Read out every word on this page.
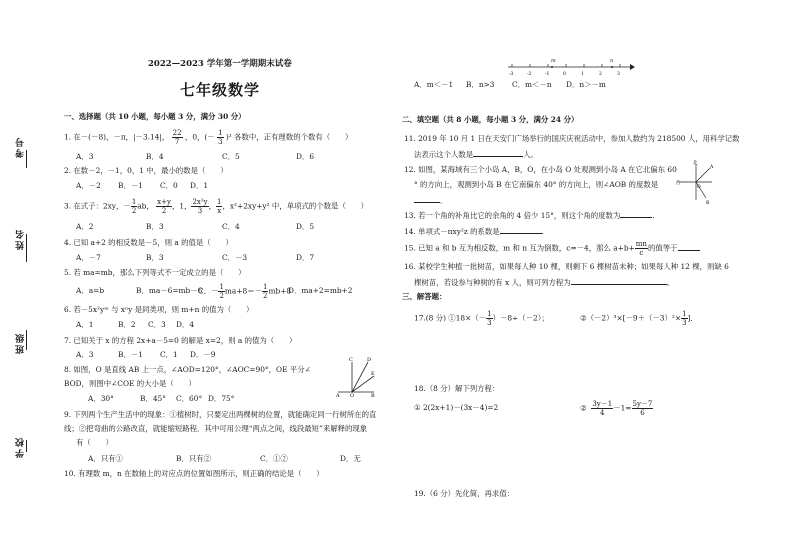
考号
姓名
班级
学校
2022—2023 学年第一学期期末试卷
七年级数学
一、选择题（共 10 小题，每小题 3 分，满分 30 分）
1. 在－(－8)，－π，|－3.14|， $\frac{22}{7}$ ，0，(－ $\frac{1}{3} )^2$ 各数中，正有理数的个数有（　　）
A．3	B．4	C．5	D．6
2. 在数－2，－1，0，1 中，最小的数是（　　）
A．－2 B．－1 C．0 D．1
3. 在式子：2xy，－ $\frac{1}{2}$ ab， $\frac{x+y}{2}$ ，1， $\frac{\text{2x²y}}{3}$ ， $\frac{1}{x}$ ，x²+2xy+y² 中，单项式的个数是（　　）
A．2	B．3	C．4	D．5
4. 已知 a+2 的相反数是－5，则 a 的值是（　　）
A．－7	B．3	C．－3	D．7
5. 若 ma=mb，那么下列等式不一定成立的是（　　）
A．a=b	B．ma－6=mb－6
C．－ $\frac{1}{2} ma+8=- \frac{1}{2} mb+8$
D．ma+2=mb+2
6. 若－5x²yᵐ 与 xⁿy 是同类项，则 m+n 的值为（　　）
A．1	B．2 C．3 D．4
7. 已知关于 x 的方程 2x+a－5=0 的解是 x=2，则 a 的值为（　　）
A．3	B．－1 C．1 D．－9
8. 如图，O 是直线 AB 上一点，∠AOD=120°，∠AOC=90°，OE 平分∠
BOD，则图中∠COE 的大小是（　　）
A．30°	B．45° C．60° D．75°	A	B
C	D
E
O
9. 下列两个生产生活中的现象：①植树时，只要定出两棵树的位置，就能确定同一行树所在的直
线；②把弯曲的公路改直，就能缩短路程．其中可用公理“两点之间，线段最短”来解释的现象
有（　　）
A．只有①	B．只有②	C．①②	D．无
10. 有理数 m，n 在数轴上的对应点的位置如图所示，则正确的结论是（　　）
-3	-2	-1	0	1	2	3
m	n
A．m＜－1 B．n>3 C．m＜－n D．n＞－m
二、填空题（共 8 小题，每小题 3 分，满分 24 分）
11. 2019 年 10 月 1 日在天安门广场举行的国庆庆祝活动中，参加人数约为 218500 人，用科学记数
法表示这个人数是	人。
12. 如图，某海域有三个小岛 A，B，O，在小岛 O 处观测到小岛 A 在它北偏东 60
° 的方向上，观测到小岛 B 在它南偏东 40° 的方向上，则∠AOB 的度数是
．
北
西
A
B
O
13. 若一个角的补角比它的余角的 4 倍少 15°，则这个角的度数为	.
14. 单项式－πxy²z 的系数是	.
15. 已知 a 和 b 互为相反数，m 和 n 互为倒数，c=－4，那么 $a+b+ \frac{mn}{c}$ 的值等于
16. 某校学生种植一批树苗，如果每人种 10 棵，则剩下 6 棵树苗未种；如果每人种 12 棵，则缺 6
棵树苗，若设参与种树的有 x 人，则可列方程为	。
三、解答题：
17.(8 分) ①18×（－ $\frac{1}{3} )-8\div(-2)$；	②（－2）³×[－9＋（－3）²× $\frac{1}{3}$ ]．
18.（8 分）解下列方程：
① 2(2x+1)－(3x－4)=2	② $\frac{3y-1}{4} -1= \frac{5y-7}{6}$
19.（6 分）先化简，再求值：
